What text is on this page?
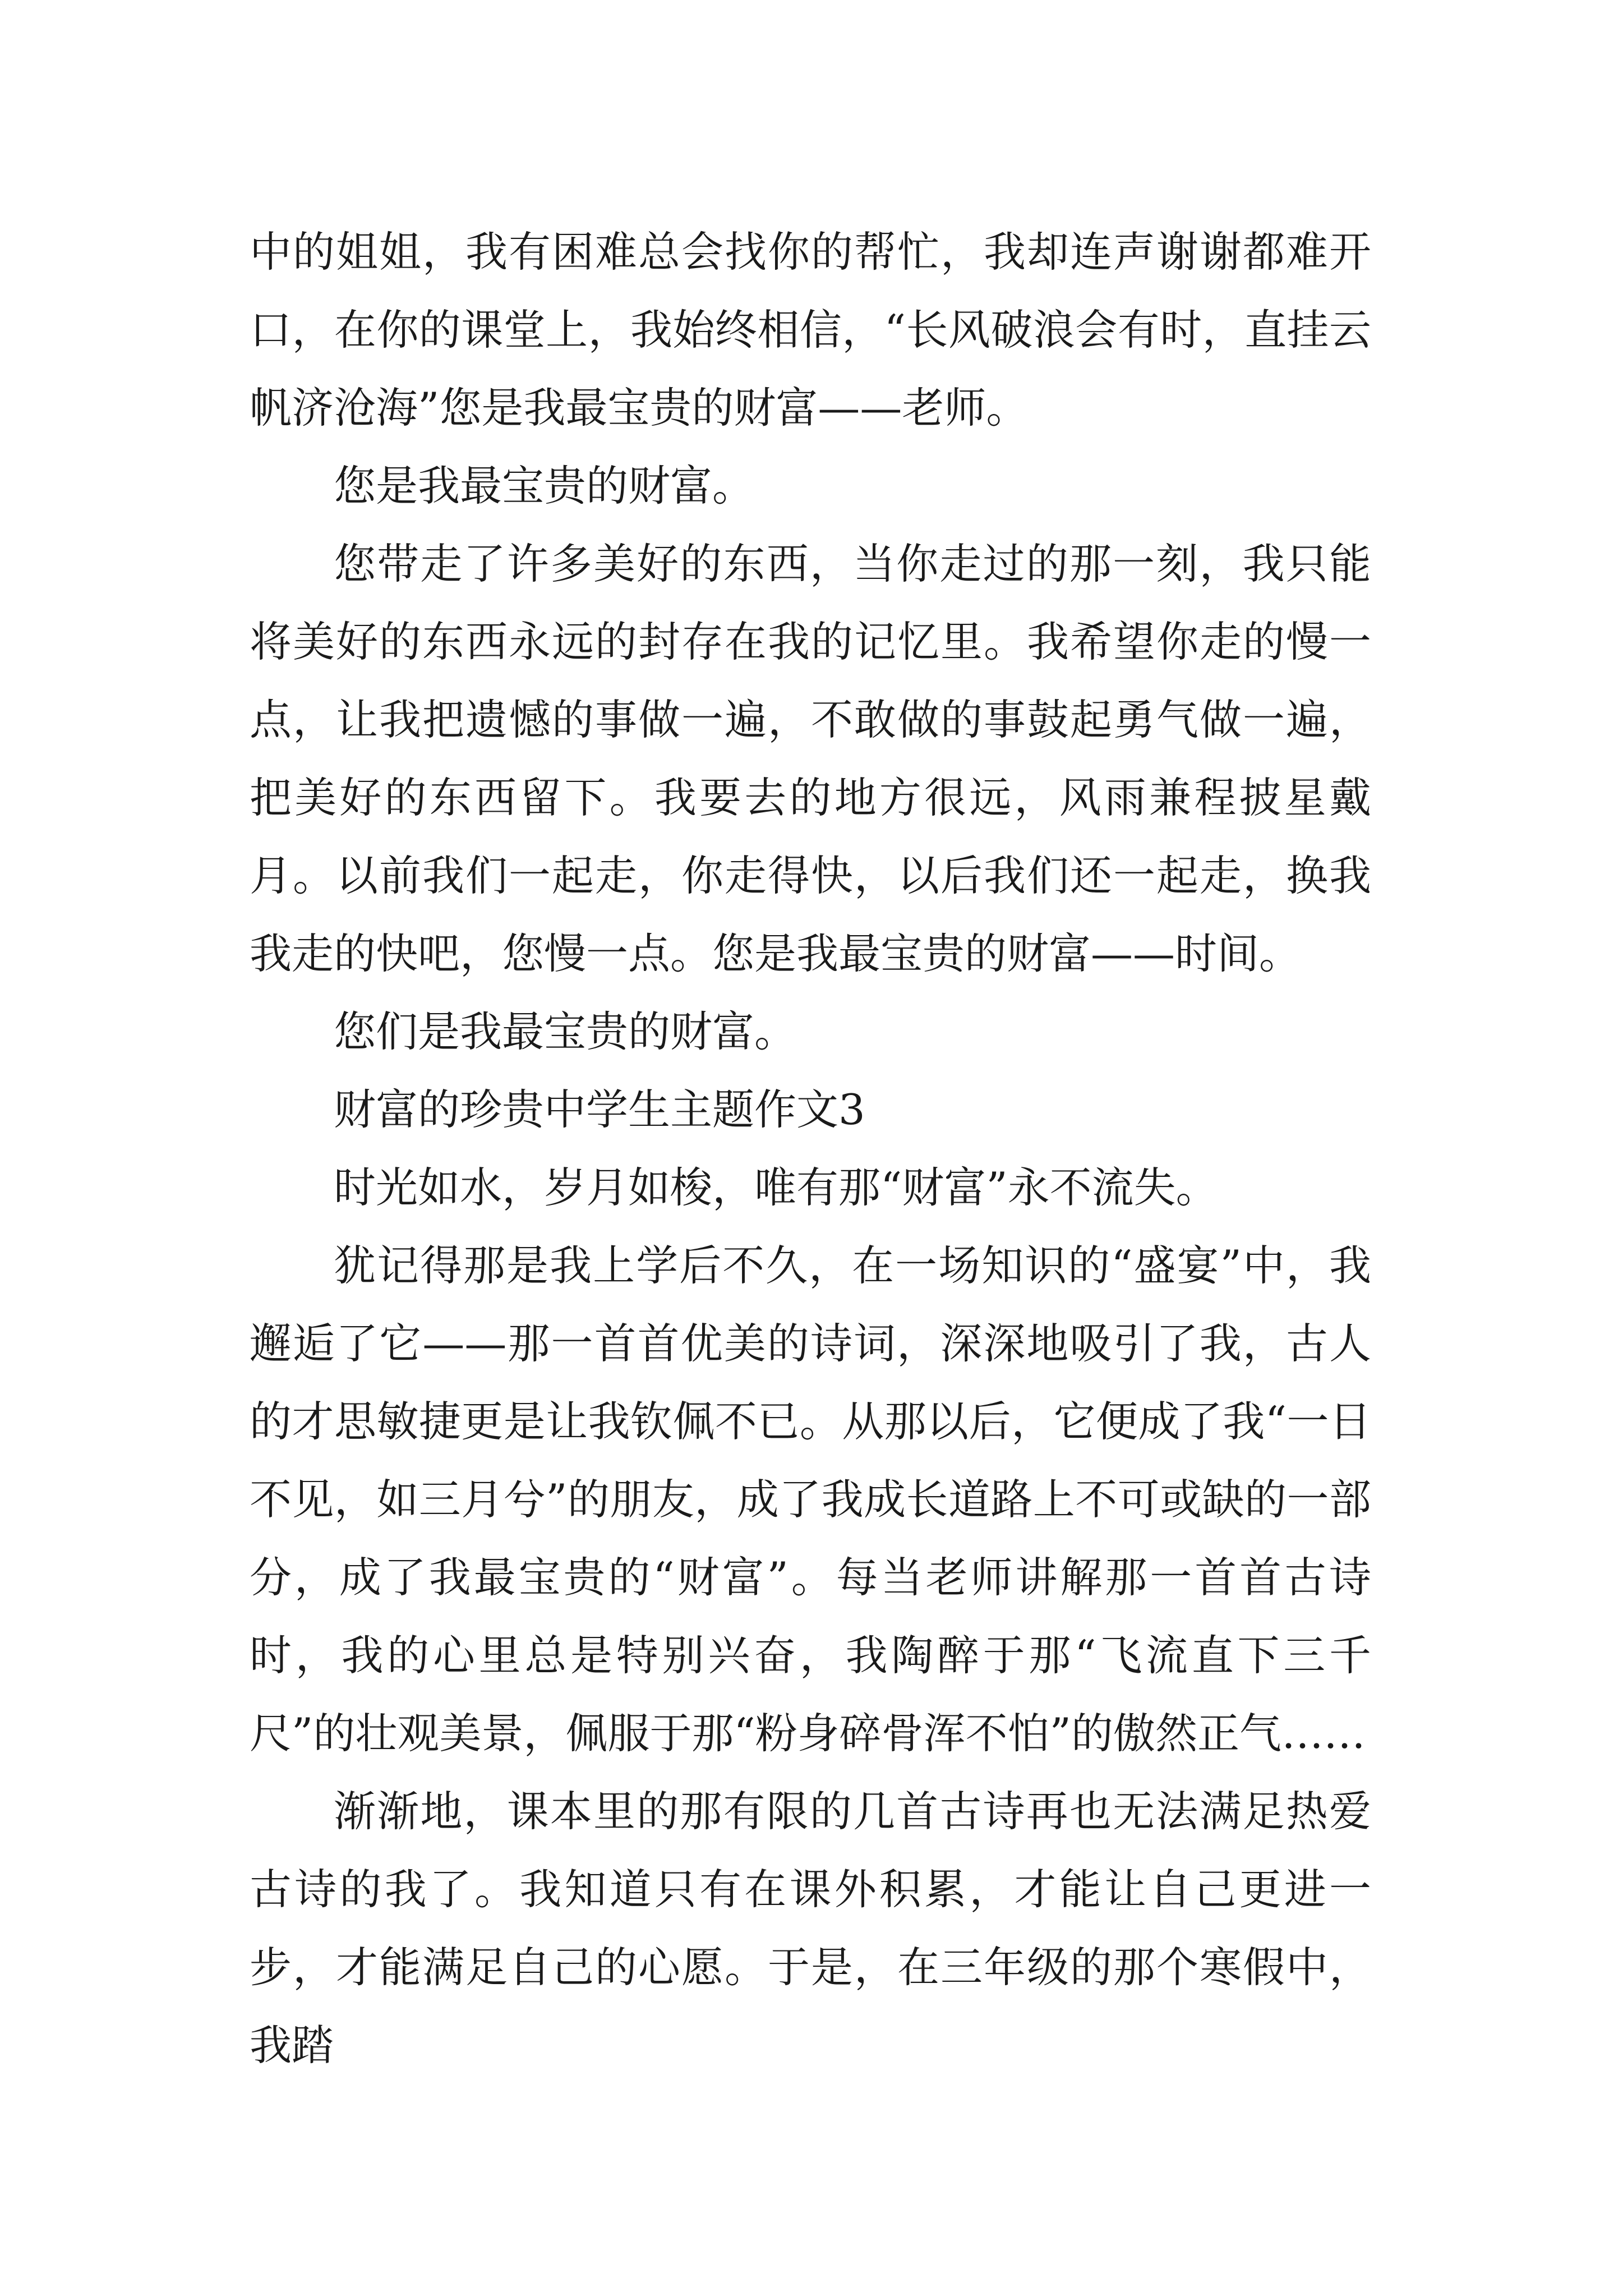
中的姐姐，我有困难总会找你的帮忙，我却连声谢谢都难开口，在你的课堂上，我始终相信，“长风破浪会有时，直挂云帆济沧海”您是我最宝贵的财富——老师。

您是我最宝贵的财富。

您带走了许多美好的东西，当你走过的那一刻，我只能将美好的东西永远的封存在我的记忆里。我希望你走的慢一点，让我把遗憾的事做一遍，不敢做的事鼓起勇气做一遍，把美好的东西留下。我要去的地方很远，风雨兼程披星戴月。以前我们一起走，你走得快，以后我们还一起走，换我我走的快吧，您慢一点。您是我最宝贵的财富——时间。

您们是我最宝贵的财富。

财富的珍贵中学生主题作文3

时光如水，岁月如梭，唯有那“财富”永不流失。

犹记得那是我上学后不久，在一场知识的“盛宴”中，我邂逅了它——那一首首优美的诗词，深深地吸引了我，古人的才思敏捷更是让我钦佩不已。从那以后，它便成了我“一日不见，如三月兮”的朋友，成了我成长道路上不可或缺的一部分，成了我最宝贵的“财富”。每当老师讲解那一首首古诗时，我的心里总是特别兴奋，我陶醉于那“飞流直下三千尺”的壮观美景，佩服于那“粉身碎骨浑不怕”的傲然正气……

渐渐地，课本里的那有限的几首古诗再也无法满足热爱古诗的我了。我知道只有在课外积累，才能让自己更进一步，才能满足自己的心愿。于是，在三年级的那个寒假中，我踏
